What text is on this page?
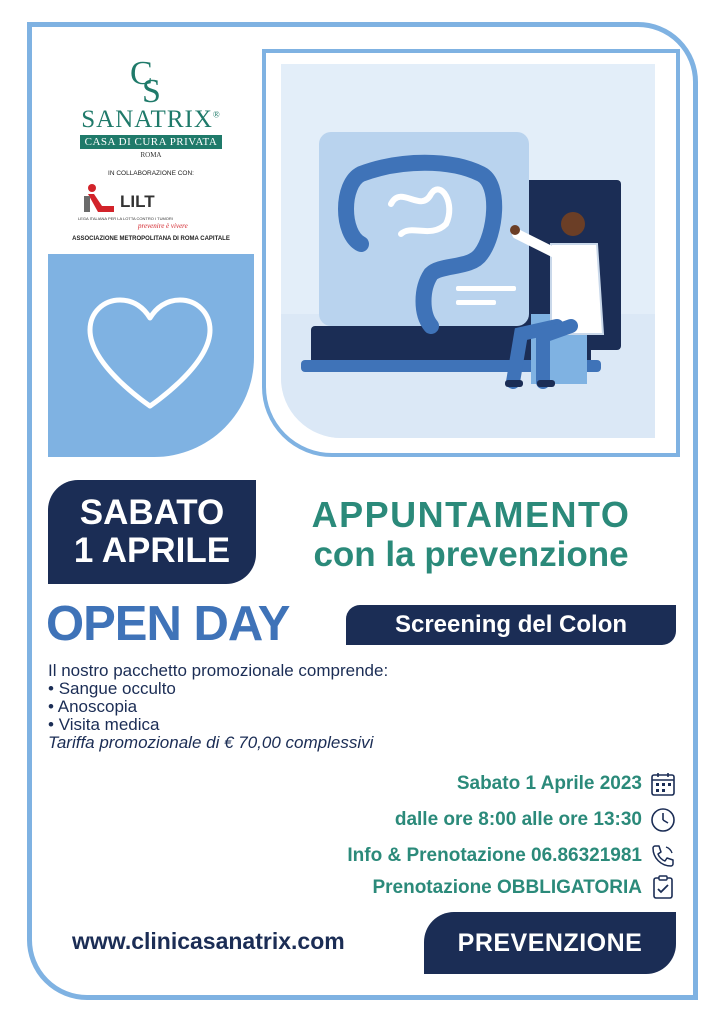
C
S
SANATRIX®
CASA DI CURA PRIVATA
ROMA
IN COLLABORAZIONE CON:
LILT
LEGA ITALIANA PER LA LOTTA CONTRO I TUMORI
prevenire è vivere
ASSOCIAZIONE METROPOLITANA DI ROMA CAPITALE
SABATO
1 APRILE
APPUNTAMENTO
con la prevenzione
OPEN DAY	Screening del Colon
Il nostro pacchetto promozionale comprende:
• Sangue occulto
• Anoscopia
• Visita medica
Tariffa promozionale di € 70,00 complessivi
Sabato 1 Aprile 2023
dalle ore 8:00 alle ore 13:30
Info & Prenotazione 06.86321981
Prenotazione OBBLIGATORIA
www.clinicasanatrix.com	PREVENZIONE
